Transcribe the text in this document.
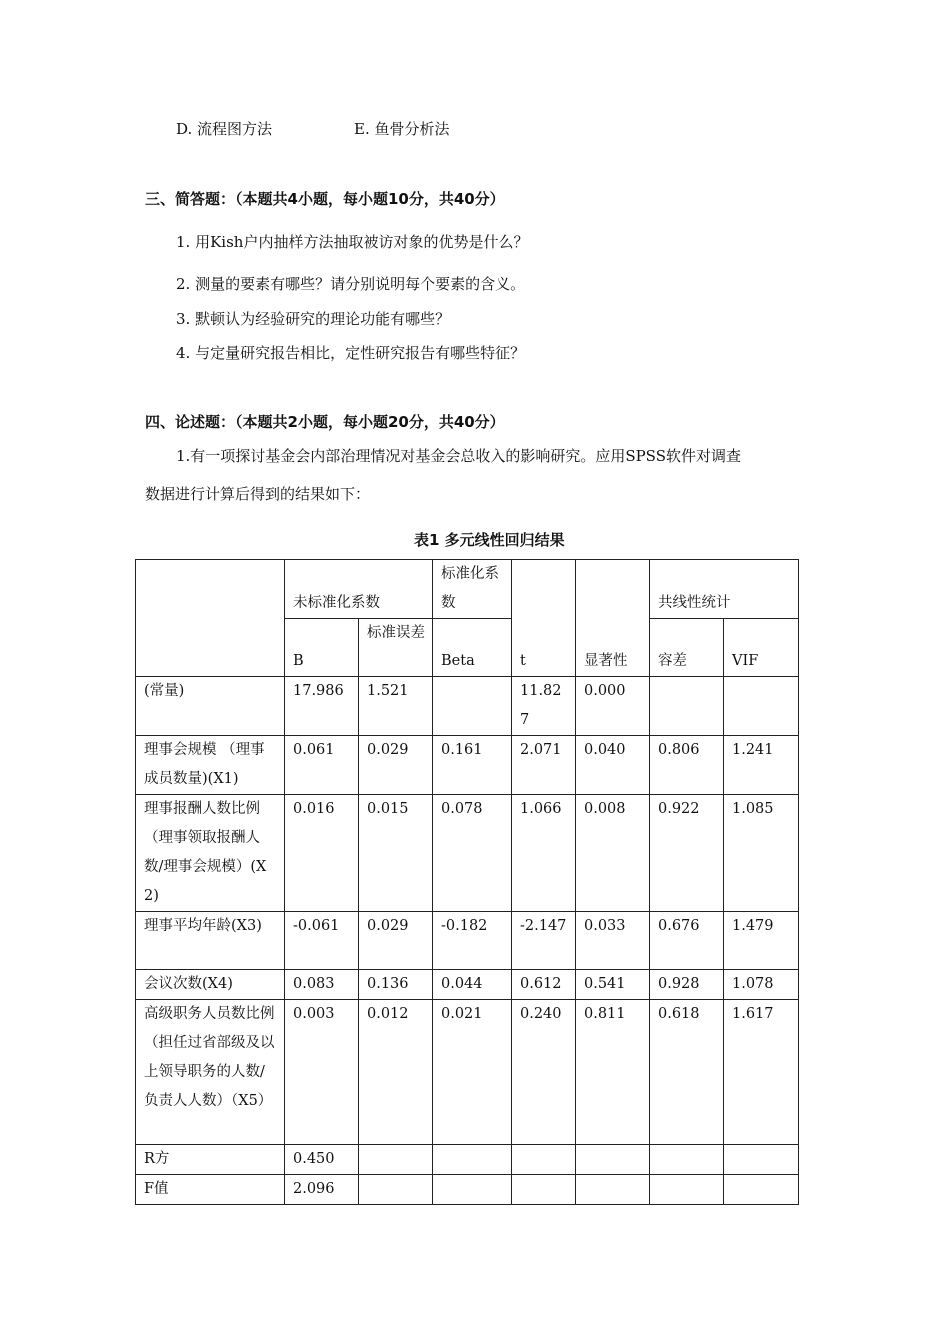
D. 流程图方法	E. 鱼骨分析法
三、简答题：（本题共4小题，每小题10分，共40分）
1. 用Kish户内抽样方法抽取被访对象的优势是什么？
2. 测量的要素有哪些？请分别说明每个要素的含义。
3. 默顿认为经验研究的理论功能有哪些？
4. 与定量研究报告相比，定性研究报告有哪些特征？
四、论述题：（本题共2小题，每小题20分，共40分）
1.有一项探讨基金会内部治理情况对基金会总收入的影响研究。应用SPSS软件对调查
数据进行计算后得到的结果如下：
表1 多元线性回归结果
	未标准化系数		标准化系数	t	显著性	共线性统计	
	B	标准误差	Beta			容差	VIF
(常量)	17.986	1.521		11.827	0.000		
理事会规模 （理事成员数量)(X1)	0.061	0.029	0.161	2.071	0.040	0.806	1.241
理事报酬人数比例（理事领取报酬人数/理事会规模）(X2)	0.016	0.015	0.078	1.066	0.008	0.922	1.085
理事平均年龄(X3)	-0.061	0.029	-0.182	-2.147	0.033	0.676	1.479
会议次数(X4)	0.083	0.136	0.044	0.612	0.541	0.928	1.078
高级职务人员数比例（担任过省部级及以上领导职务的人数/负责人人数）（X5）	0.003	0.012	0.021	0.240	0.811	0.618	1.617
R方	0.450						
F值	2.096						
